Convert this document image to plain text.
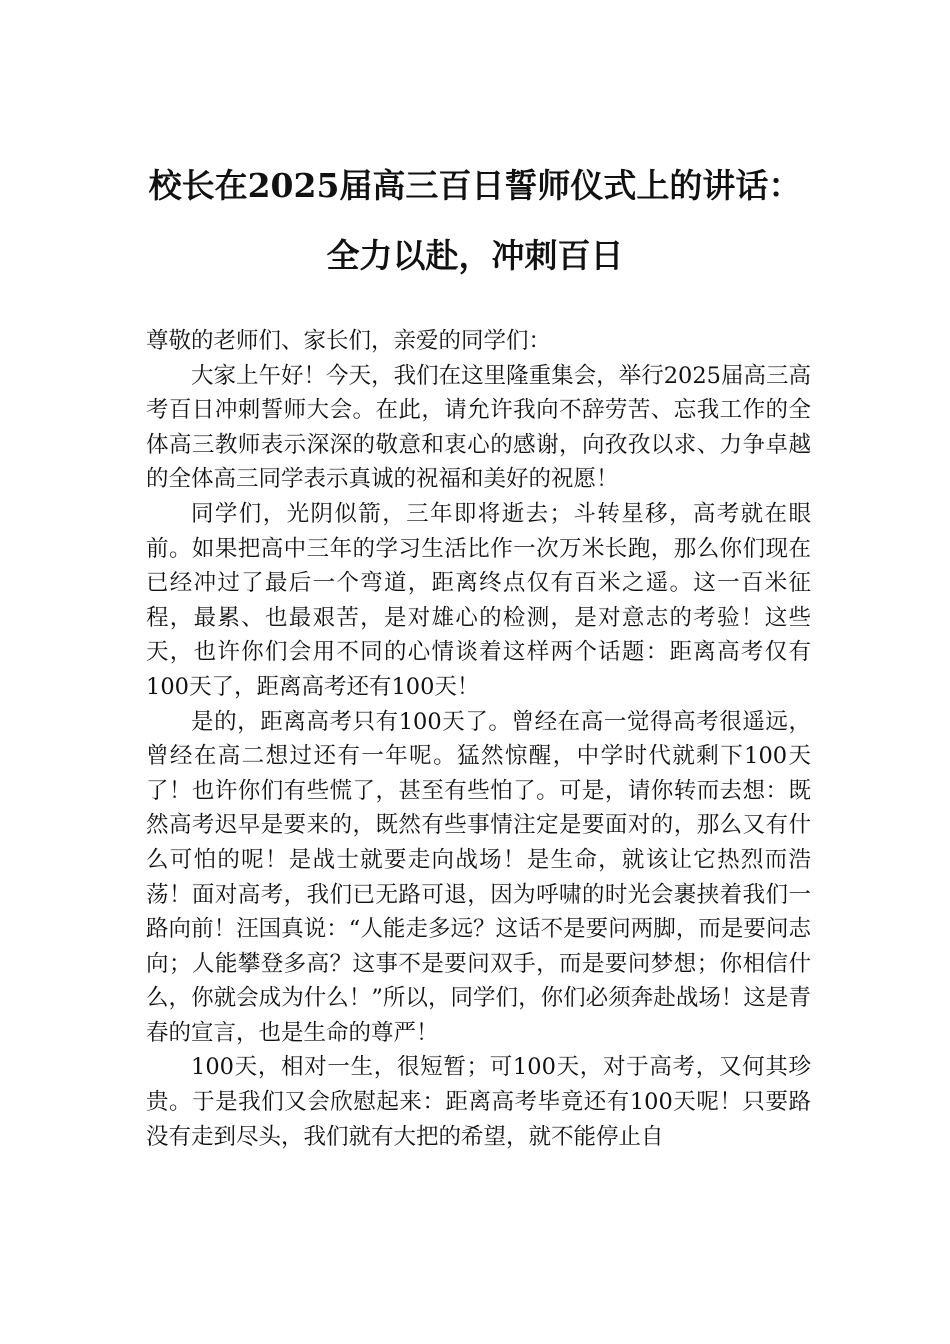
校长在2025届高三百日誓师仪式上的讲话：
全力以赴，冲刺百日

尊敬的老师们、家长们，亲爱的同学们：

大家上午好！今天，我们在这里隆重集会，举行2025届高三高考百日冲刺誓师大会。在此，请允许我向不辞劳苦、忘我工作的全体高三教师表示深深的敬意和衷心的感谢，向孜孜以求、力争卓越的全体高三同学表示真诚的祝福和美好的祝愿！

同学们，光阴似箭，三年即将逝去；斗转星移，高考就在眼前。如果把高中三年的学习生活比作一次万米长跑，那么你们现在已经冲过了最后一个弯道，距离终点仅有百米之遥。这一百米征程，最累、也最艰苦，是对雄心的检测，是对意志的考验！这些天，也许你们会用不同的心情谈着这样两个话题：距离高考仅有100天了，距离高考还有100天！

是的，距离高考只有100天了。曾经在高一觉得高考很遥远，曾经在高二想过还有一年呢。猛然惊醒，中学时代就剩下100天了！也许你们有些慌了，甚至有些怕了。可是，请你转而去想：既然高考迟早是要来的，既然有些事情注定是要面对的，那么又有什么可怕的呢！是战士就要走向战场！是生命，就该让它热烈而浩荡！面对高考，我们已无路可退，因为呼啸的时光会裹挟着我们一路向前！汪国真说：“人能走多远？这话不是要问两脚，而是要问志向；人能攀登多高？这事不是要问双手，而是要问梦想；你相信什么，你就会成为什么！”所以，同学们，你们必须奔赴战场！这是青春的宣言，也是生命的尊严！

100天，相对一生，很短暂；可100天，对于高考，又何其珍贵。于是我们又会欣慰起来：距离高考毕竟还有100天呢！只要路没有走到尽头，我们就有大把的希望，就不能停止自
